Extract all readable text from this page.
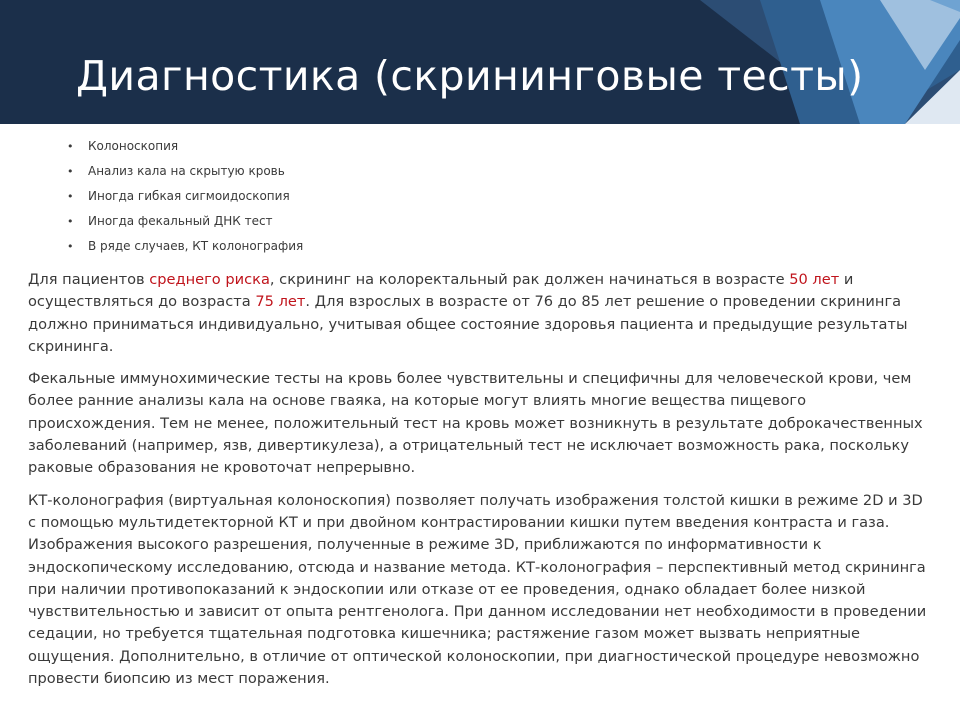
Диагностика (скрининговые тесты)
• Колоноскопия
• Анализ кала на скрытую кровь
• Иногда гибкая сигмоидоскопия
• Иногда фекальный ДНК тест
• В ряде случаев, КТ колонография

Для пациентов среднего риска, скрининг на колоректальный рак должен начинаться в возрасте 50 лет и осуществляться до возраста 75 лет. Для взрослых в возрасте от 76 до 85 лет решение о проведении скрининга должно приниматься индивидуально, учитывая общее состояние здоровья пациента и предыдущие результаты скрининга.

Фекальные иммунохимические тесты на кровь более чувствительны и специфичны для человеческой крови, чем более ранние анализы кала на основе гваякa, на которые могут влиять многие вещества пищевого происхождения. Тем не менее, положительный тест на кровь может возникнуть в результате доброкачественных заболеваний (например, язв, дивертикулеза), а отрицательный тест не исключает возможность рака, поскольку раковые образования не кровоточат непрерывно.

КТ-колонография (виртуальная колоноскопия) позволяет получать изображения толстой кишки в режиме 2D и 3D с помощью мультидетекторной КТ и при двойном контрастировании кишки путем введения контраста и газа. Изображения высокого разрешения, полученные в режиме 3D, приближаются по информативности к эндоскопическому исследованию, отсюда и название метода. КТ-колонография – перспективный метод скрининга при наличии противопоказаний к эндоскопии или отказе от ее проведения, однако обладает более низкой чувствительностью и зависит от опыта рентгенолога. При данном исследовании нет необходимости в проведении седации, но требуется тщательная подготовка кишечника; растяжение газом может вызвать неприятные ощущения. Дополнительно, в отличие от оптической колоноскопии, при диагностической процедуре невозможно провести биопсию из мест поражения.
